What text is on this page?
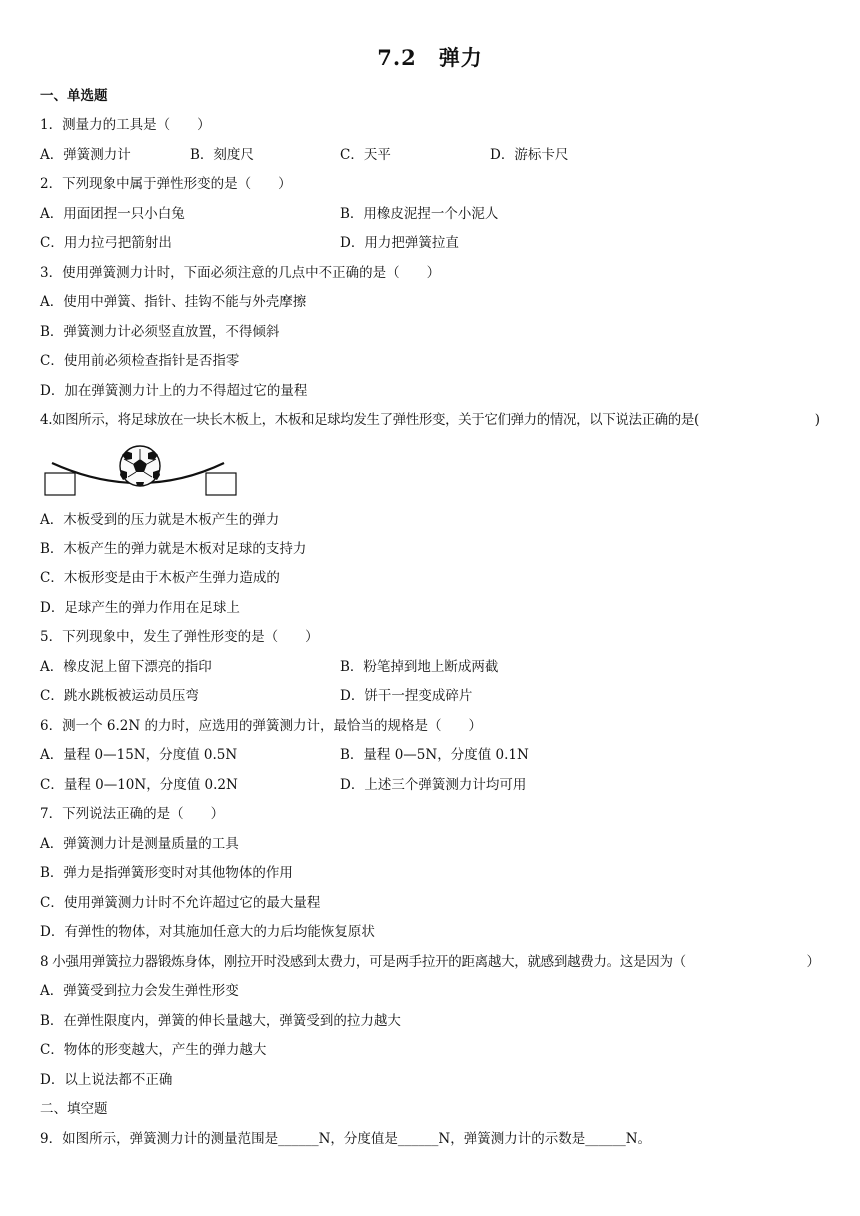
7.2　弹力
一、单选题
1．测量力的工具是（　　）
A．弹簧测力计	B．刻度尺	C．天平	D．游标卡尺
2．下列现象中属于弹性形变的是（　　）
A．用面团捏一只小白兔	B．用橡皮泥捏一个小泥人
C．用力拉弓把箭射出	D．用力把弹簧拉直
3．使用弹簧测力计时，下面必须注意的几点中不正确的是（　　）
A．使用中弹簧、指针、挂钩不能与外壳摩擦
B．弹簧测力计必须竖直放置，不得倾斜
C．使用前必须检查指针是否指零
D．加在弹簧测力计上的力不得超过它的量程
4.如图所示，将足球放在一块长木板上，木板和足球均发生了弹性形变，关于它们弹力的情况，以下说法正确的是(	)
A．木板受到的压力就是木板产生的弹力
B．木板产生的弹力就是木板对足球的支持力
C．木板形变是由于木板产生弹力造成的
D．足球产生的弹力作用在足球上
5．下列现象中，发生了弹性形变的是（　　）
A．橡皮泥上留下漂亮的指印	B．粉笔掉到地上断成两截
C．跳水跳板被运动员压弯	D．饼干一捏变成碎片
6．测一个 6.2N 的力时，应选用的弹簧测力计，最恰当的规格是（　　）
A．量程 0—15N，分度值 0.5N	B．量程 0—5N，分度值 0.1N
C．量程 0—10N，分度值 0.2N	D．上述三个弹簧测力计均可用
7．下列说法正确的是（　　）
A．弹簧测力计是测量质量的工具
B．弹力是指弹簧形变时对其他物体的作用
C．使用弹簧测力计时不允许超过它的最大量程
D．有弹性的物体，对其施加任意大的力后均能恢复原状
8 小强用弹簧拉力器锻炼身体，刚拉开时没感到太费力，可是两手拉开的距离越大，就感到越费力。这是因为（	）
A．弹簧受到拉力会发生弹性形变
B．在弹性限度内，弹簧的伸长量越大，弹簧受到的拉力越大
C．物体的形变越大，产生的弹力越大
D．以上说法都不正确
二、填空题
9．如图所示，弹簧测力计的测量范围是______N，分度值是______N，弹簧测力计的示数是______N。
